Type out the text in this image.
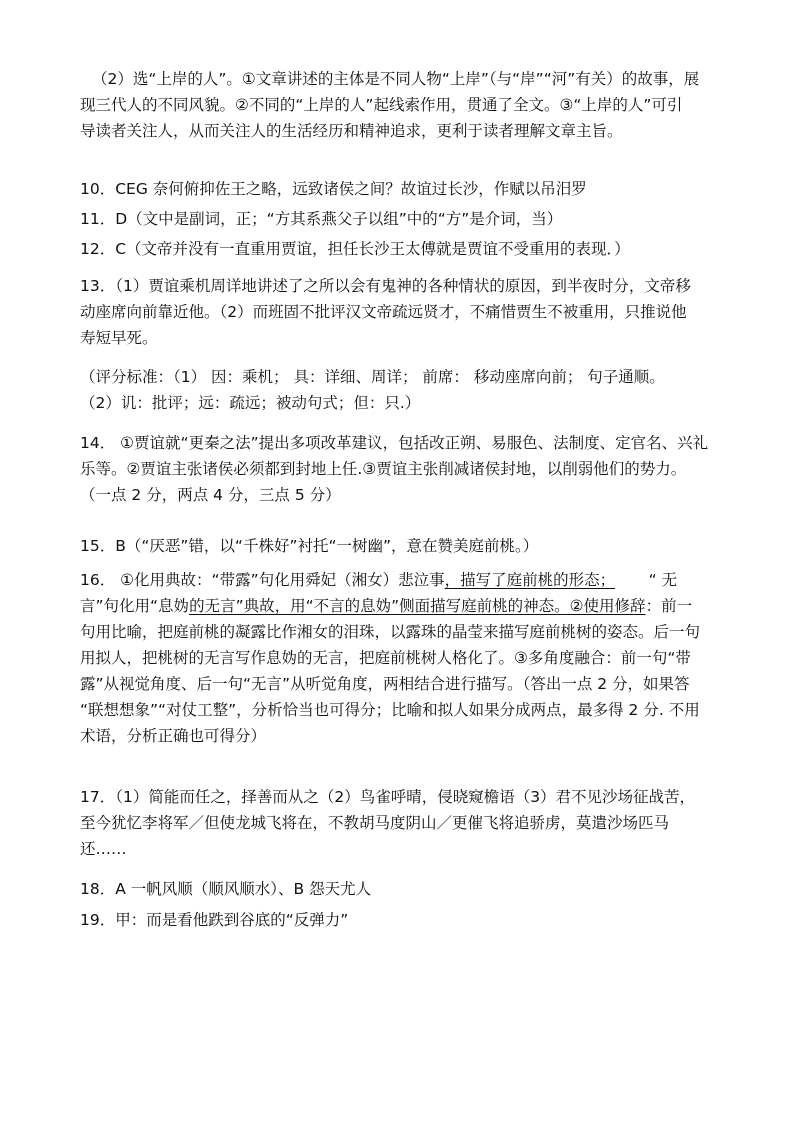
（2）选“上岸的人”。①文章讲述的主体是不同人物“上岸”（与“岸”“河”有关）的故事，展
现三代人的不同风貌。②不同的“上岸的人”起线索作用，贯通了全文。③“上岸的人”可引
导读者关注人，从而关注人的生活经历和精神追求，更利于读者理解文章主旨。

10．CEG 奈何俯抑佐王之略，远致诸侯之间？故谊过长沙，作赋以吊汨罗

11．D（文中是副词，正；“方其系燕父子以组”中的“方”是介词，当）

12．C（文帝并没有一直重用贾谊，担任长沙王太傅就是贾谊不受重用的表现．）

13．（1）贾谊乘机周详地讲述了之所以会有鬼神的各种情状的原因，到半夜时分，文帝移
动座席向前靠近他。（2）而班固不批评汉文帝疏远贤才，不痛惜贾生不被重用，只推说他
寿短早死。
（评分标准：（1） 因：乘机； 具：详细、周详； 前席： 移动座席向前； 句子通顺。
（2）讥：批评；远：疏远；被动句式；但：只.）
14． ①贾谊就“更秦之法”提出多项改革建议，包括改正朔、易服色、法制度、定官名、兴礼
乐等。②贾谊主张诸侯必须都到封地上任.③贾谊主张削减诸侯封地，以削弱他们的势力。
（一点 2 分，两点 4 分，三点 5 分）

15．B（“厌恶”错，以“千株好”衬托“一树幽”，意在赞美庭前桃。）

16． ①化用典故：“带露”句化用舜妃（湘女）悲泣事，描写了庭前桃的形态； “ 无
言”句化用“息妫的无言”典故，用“不言的息妫”侧面描写庭前桃的神态。②使用修辞：前一
句用比喻，把庭前桃的凝露比作湘女的泪珠，以露珠的晶莹来描写庭前桃树的姿态。后一句
用拟人，把桃树的无言写作息妫的无言，把庭前桃树人格化了。③多角度融合：前一句“带
露”从视觉角度、后一句“无言”从听觉角度，两相结合进行描写。（答出一点 2 分，如果答
“联想想象”“对仗工整”，分析恰当也可得分；比喻和拟人如果分成两点，最多得 2 分. 不用
术语，分析正确也可得分）
17．（1）简能而任之，择善而从之（2）鸟雀呼晴，侵晓窥檐语（3）君不见沙场征战苦，
至今犹忆李将军／但使龙城飞将在，不教胡马度阴山／更催飞将追骄虏，莫遣沙场匹马
还……

18．A 一帆风顺（顺风顺水）、B 怨天尤人

19．甲：而是看他跌到谷底的“反弹力”
